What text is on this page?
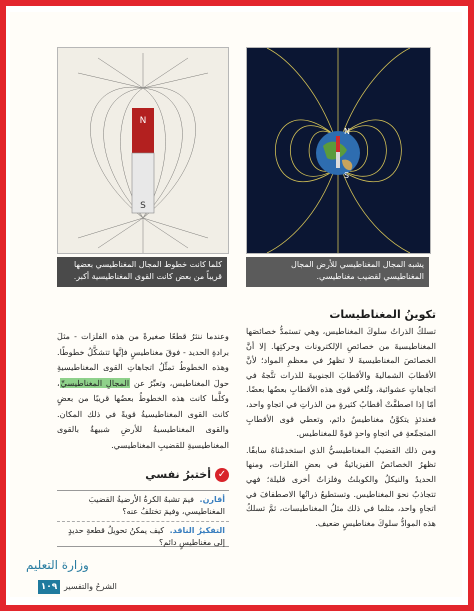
N
S
كلما كانت خطوط المجال المغناطيسي بعضها قريباً من بعض كانت القوى المغناطيسية أكبر.
N
S
يشبه المجال المغناطيسي للأرض المجال المغناطيسي لقضيب مغناطيسي.
تكوينُ المغناطيسات

تسلكُ الذراتُ سلوكَ المغناطيس، وهي تستمدُّ خصائصَها المغناطيسيةَ من خصائصِ الإلكترونات وحركتِها. إلا أنَّ الخصائصَ المغناطيسيةَ لا تظهرُ في معظمِ المواد؛ لأنَّ الأقطابَ الشماليةَ والأقطابَ الجنوبيةَ للذرات تتَّجهُ في اتجاهاتٍ عشوائية، وتُلغي قوى هذه الأقطابِ بعضُها بعضًا. أمّا إذا اصطفَّتْ أقطابُ كثيرةٍ من الذراتِ في اتجاهٍ واحد، فعندئذٍ يتكوَّنُ مغناطيسٌ دائم، وتعطي قوى الأقطابِ المتجمِّعةِ في اتجاهٍ واحدٍ قوةً للمغناطيس.

ومن ذلك القضيبُ المغناطيسيُّ الذي استخدمْناهُ سابقًا. تظهرُ الخصائصُ الفيزيائيةُ في بعضِ الفلزات، ومنها الحديدُ والنيكلُ والكوبلتُ وفلزاتٌ أخرى قليلة؛ فهي تتجاذبُ نحوَ المغناطيس. وتستطيعُ ذراتُها الاصطفافَ في اتجاهٍ واحد، مثلما في ذلك مثلُ المغناطيسات، ثمَّ تسلكُ هذه الموادُّ سلوكَ مغناطيسٍ ضعيف.

وعندما ننثرُ قطعًا صغيرةً من هذه الفلزات - مثلَ برادةِ الحديد - فوقَ مغناطيسٍ فإنَّها تتشكَّلُ خطوطًا. وهذه الخطوطُ تمثِّلُ اتجاهاتِ القوى المغناطيسيةِ حولَ المغناطيس، وتعبِّرُ عن المجالِ المغناطيسيِّ، وكلَّما كانت هذه الخطوطُ بعضُها قريبًا من بعضٍ كانت القوى المغناطيسيةُ قويةً في ذلك المكان. والقوى المغناطيسيةُ للأرضِ شبيهةٌ بالقوى المغناطيسيةِ للقضيبِ المغناطيسي.
✓أختبرُ نفسي
أقارن. فيمَ تشبهُ الكرةُ الأرضيةُ القضيبَ المغناطيسي، وفيمَ تختلفُ عنه؟
التفكيرُ الناقد. كيف يمكنُ تحويلُ قطعةِ حديدٍ إلى مغناطيسٍ دائم؟
وزارة التعليم
١٠٩ الشرحُ والتفسير
